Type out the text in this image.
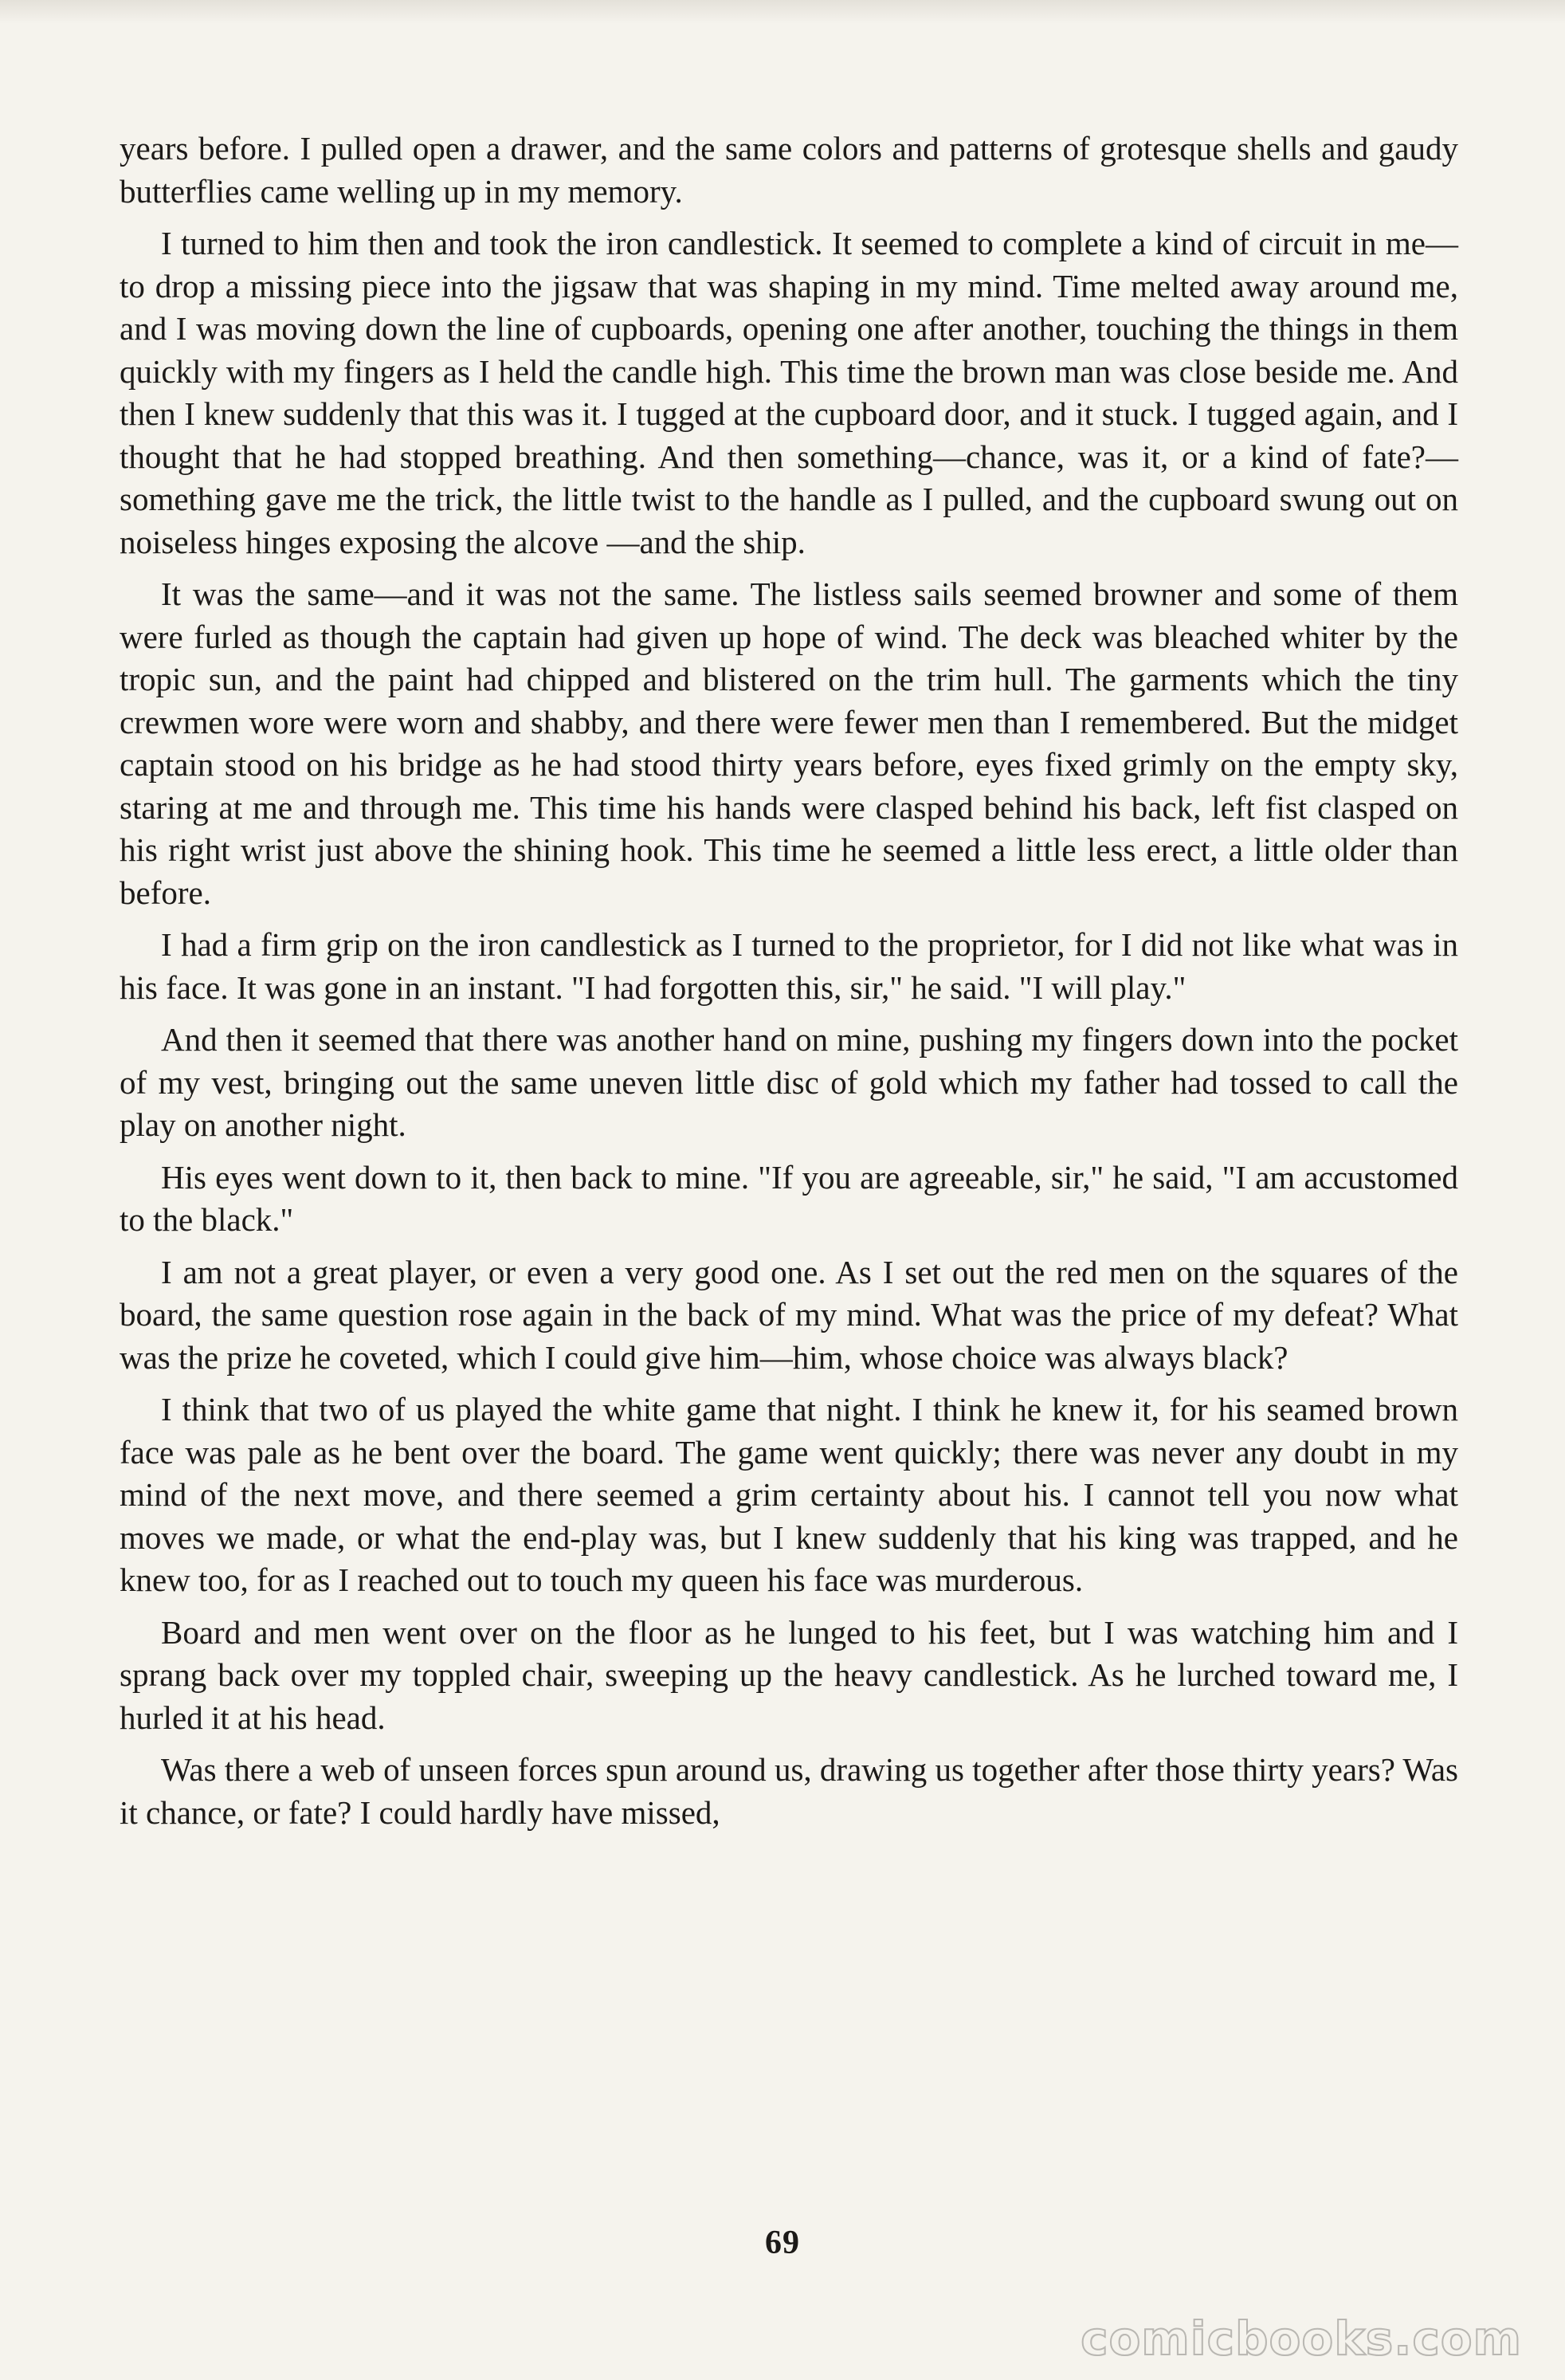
years before. I pulled open a drawer, and the same colors and patterns of grotesque shells and gaudy butterflies came welling up in my memory.

I turned to him then and took the iron candlestick. It seemed to complete a kind of circuit in me—to drop a missing piece into the jigsaw that was shaping in my mind. Time melted away around me, and I was moving down the line of cupboards, opening one after another, touching the things in them quickly with my fingers as I held the candle high. This time the brown man was close beside me. And then I knew suddenly that this was it. I tugged at the cupboard door, and it stuck. I tugged again, and I thought that he had stopped breathing. And then something—chance, was it, or a kind of fate?—something gave me the trick, the little twist to the handle as I pulled, and the cupboard swung out on noiseless hinges exposing the alcove —and the ship.

It was the same—and it was not the same. The listless sails seemed browner and some of them were furled as though the captain had given up hope of wind. The deck was bleached whiter by the tropic sun, and the paint had chipped and blistered on the trim hull. The garments which the tiny crewmen wore were worn and shabby, and there were fewer men than I remembered. But the midget captain stood on his bridge as he had stood thirty years before, eyes fixed grimly on the empty sky, staring at me and through me. This time his hands were clasped behind his back, left fist clasped on his right wrist just above the shining hook. This time he seemed a little less erect, a little older than before.

I had a firm grip on the iron candlestick as I turned to the proprietor, for I did not like what was in his face. It was gone in an instant. "I had forgotten this, sir," he said. "I will play."

And then it seemed that there was another hand on mine, pushing my fingers down into the pocket of my vest, bringing out the same uneven little disc of gold which my father had tossed to call the play on another night.

His eyes went down to it, then back to mine. "If you are agreeable, sir," he said, "I am accustomed to the black."

I am not a great player, or even a very good one. As I set out the red men on the squares of the board, the same question rose again in the back of my mind. What was the price of my defeat? What was the prize he coveted, which I could give him—him, whose choice was always black?

I think that two of us played the white game that night. I think he knew it, for his seamed brown face was pale as he bent over the board. The game went quickly; there was never any doubt in my mind of the next move, and there seemed a grim certainty about his. I cannot tell you now what moves we made, or what the end-play was, but I knew suddenly that his king was trapped, and he knew too, for as I reached out to touch my queen his face was murderous.

Board and men went over on the floor as he lunged to his feet, but I was watching him and I sprang back over my toppled chair, sweeping up the heavy candlestick. As he lurched toward me, I hurled it at his head.

Was there a web of unseen forces spun around us, drawing us together after those thirty years? Was it chance, or fate? I could hardly have missed,

69
comicbooks.com
